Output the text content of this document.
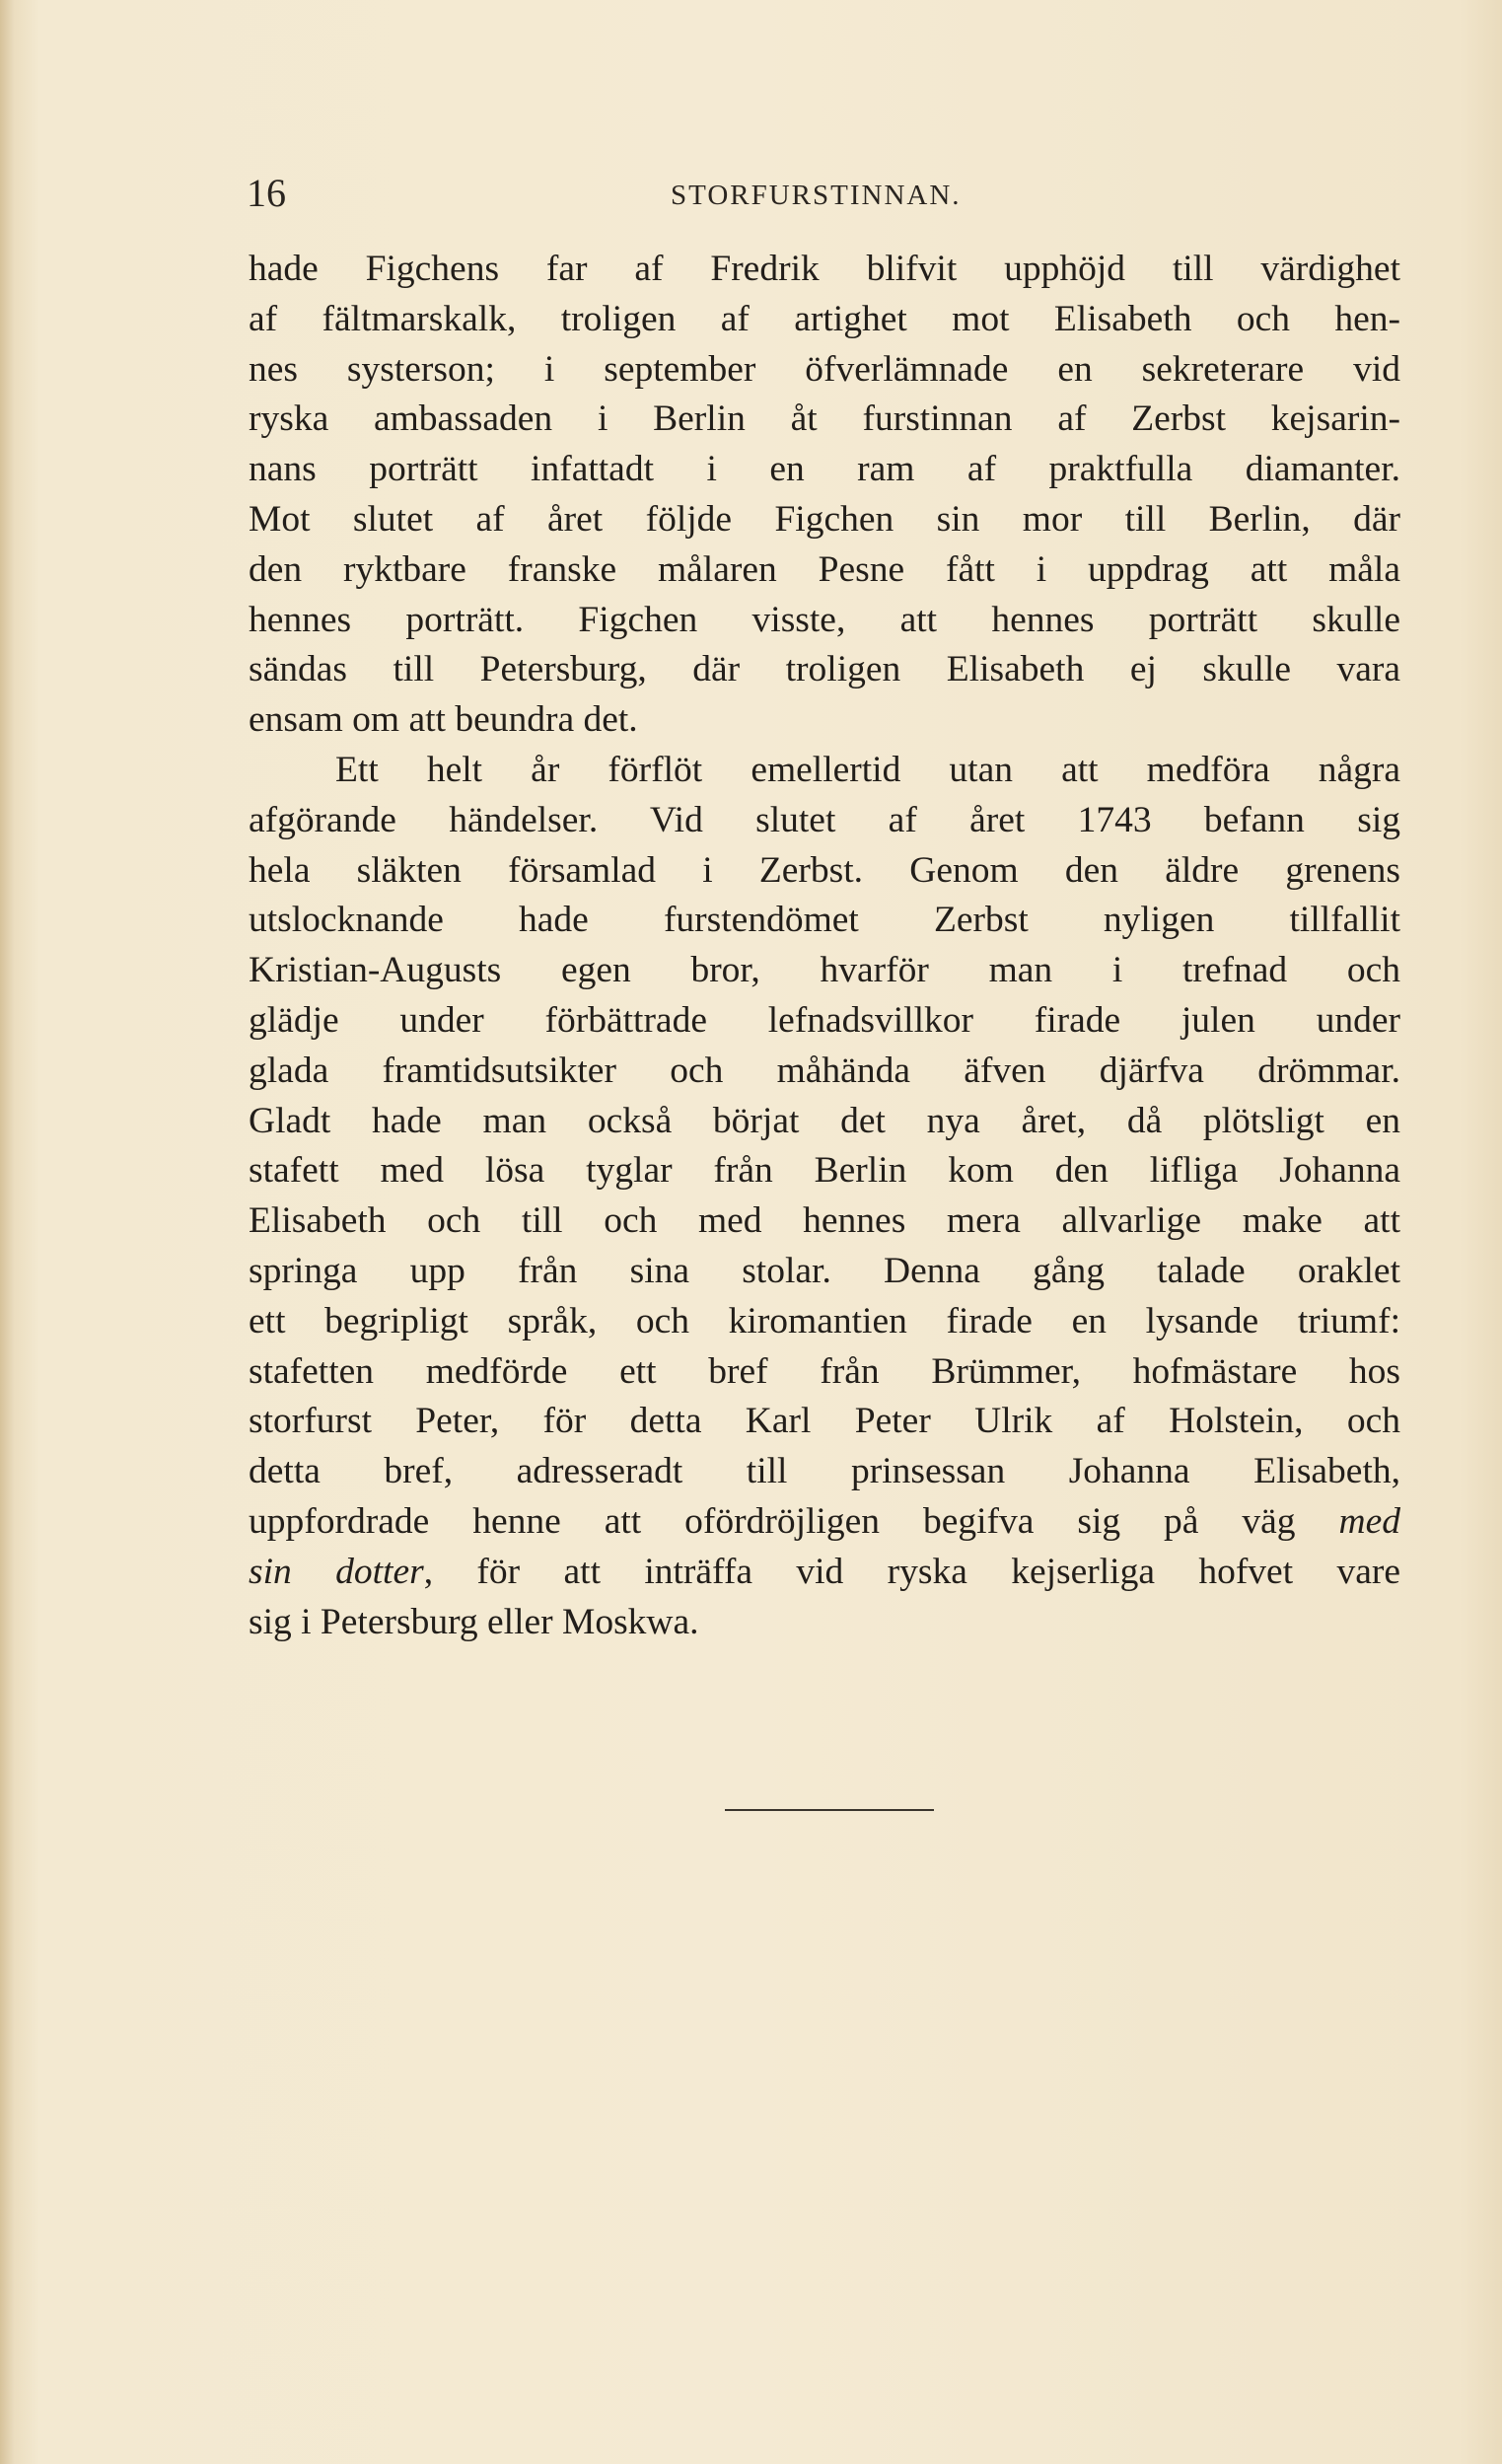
16	STORFURSTINNAN.
hade Figchens far af Fredrik blifvit upphöjd till värdighet
af fältmarskalk, troligen af artighet mot Elisabeth och hen-
nes systerson; i september öfverlämnade en sekreterare vid
ryska ambassaden i Berlin åt furstinnan af Zerbst kejsarin-
nans porträtt infattadt i en ram af praktfulla diamanter.
Mot slutet af året följde Figchen sin mor till Berlin, där
den ryktbare franske målaren Pesne fått i uppdrag att måla
hennes porträtt. Figchen visste, att hennes porträtt skulle
sändas till Petersburg, där troligen Elisabeth ej skulle vara
ensam om att beundra det.
Ett helt år förflöt emellertid utan att medföra några
afgörande händelser. Vid slutet af året 1743 befann sig
hela släkten församlad i Zerbst. Genom den äldre grenens
utslocknande hade furstendömet Zerbst nyligen tillfallit
Kristian-Augusts egen bror, hvarför man i trefnad och
glädje under förbättrade lefnadsvillkor firade julen under
glada framtidsutsikter och måhända äfven djärfva drömmar.
Gladt hade man också börjat det nya året, då plötsligt en
stafett med lösa tyglar från Berlin kom den lifliga Johanna
Elisabeth och till och med hennes mera allvarlige make att
springa upp från sina stolar. Denna gång talade oraklet
ett begripligt språk, och kiromantien firade en lysande triumf:
stafetten medförde ett bref från Brümmer, hofmästare hos
storfurst Peter, för detta Karl Peter Ulrik af Holstein, och
detta bref, adresseradt till prinsessan Johanna Elisabeth,
uppfordrade henne att ofördröjligen begifva sig på väg med
sin dotter, för att inträffa vid ryska kejserliga hofvet vare
sig i Petersburg eller Moskwa.
